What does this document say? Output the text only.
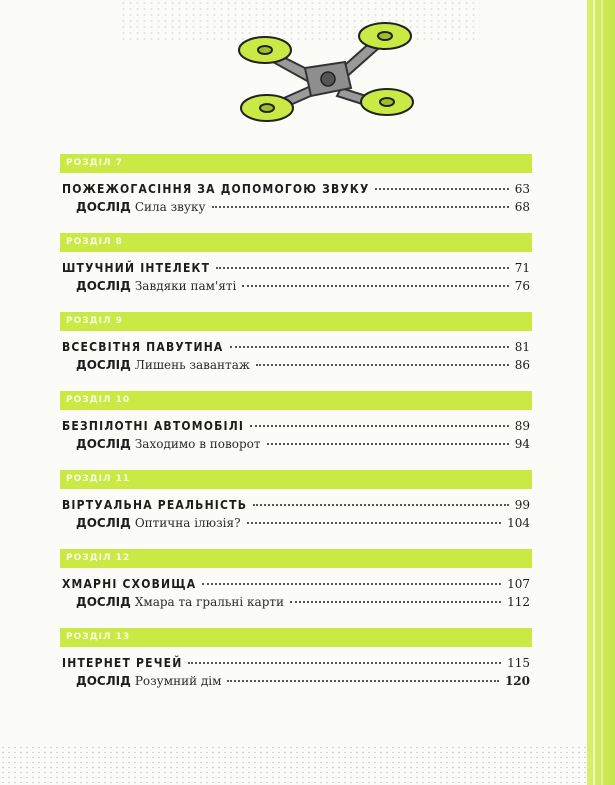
РОЗДІЛ 7
ПОЖЕЖОГАСІННЯ ЗА ДОПОМОГОЮ ЗВУКУ	63
ДОСЛІД Сила звуку	68
РОЗДІЛ 8
ШТУЧНИЙ ІНТЕЛЕКТ	71
ДОСЛІД Завдяки пам'яті	76
РОЗДІЛ 9
ВСЕСВІТНЯ ПАВУТИНА	81
ДОСЛІД Лишень завантаж	86
РОЗДІЛ 10
БЕЗПІЛОТНІ АВТОМОБІЛІ	89
ДОСЛІД Заходимо в поворот	94
РОЗДІЛ 11
ВІРТУАЛЬНА РЕАЛЬНІСТЬ	99
ДОСЛІД Оптична ілюзія?	104
РОЗДІЛ 12
ХМАРНІ СХОВИЩА	107
ДОСЛІД Хмара та гральні карти	112
РОЗДІЛ 13
ІНТЕРНЕТ РЕЧЕЙ	115
ДОСЛІД Розумний дім	120
